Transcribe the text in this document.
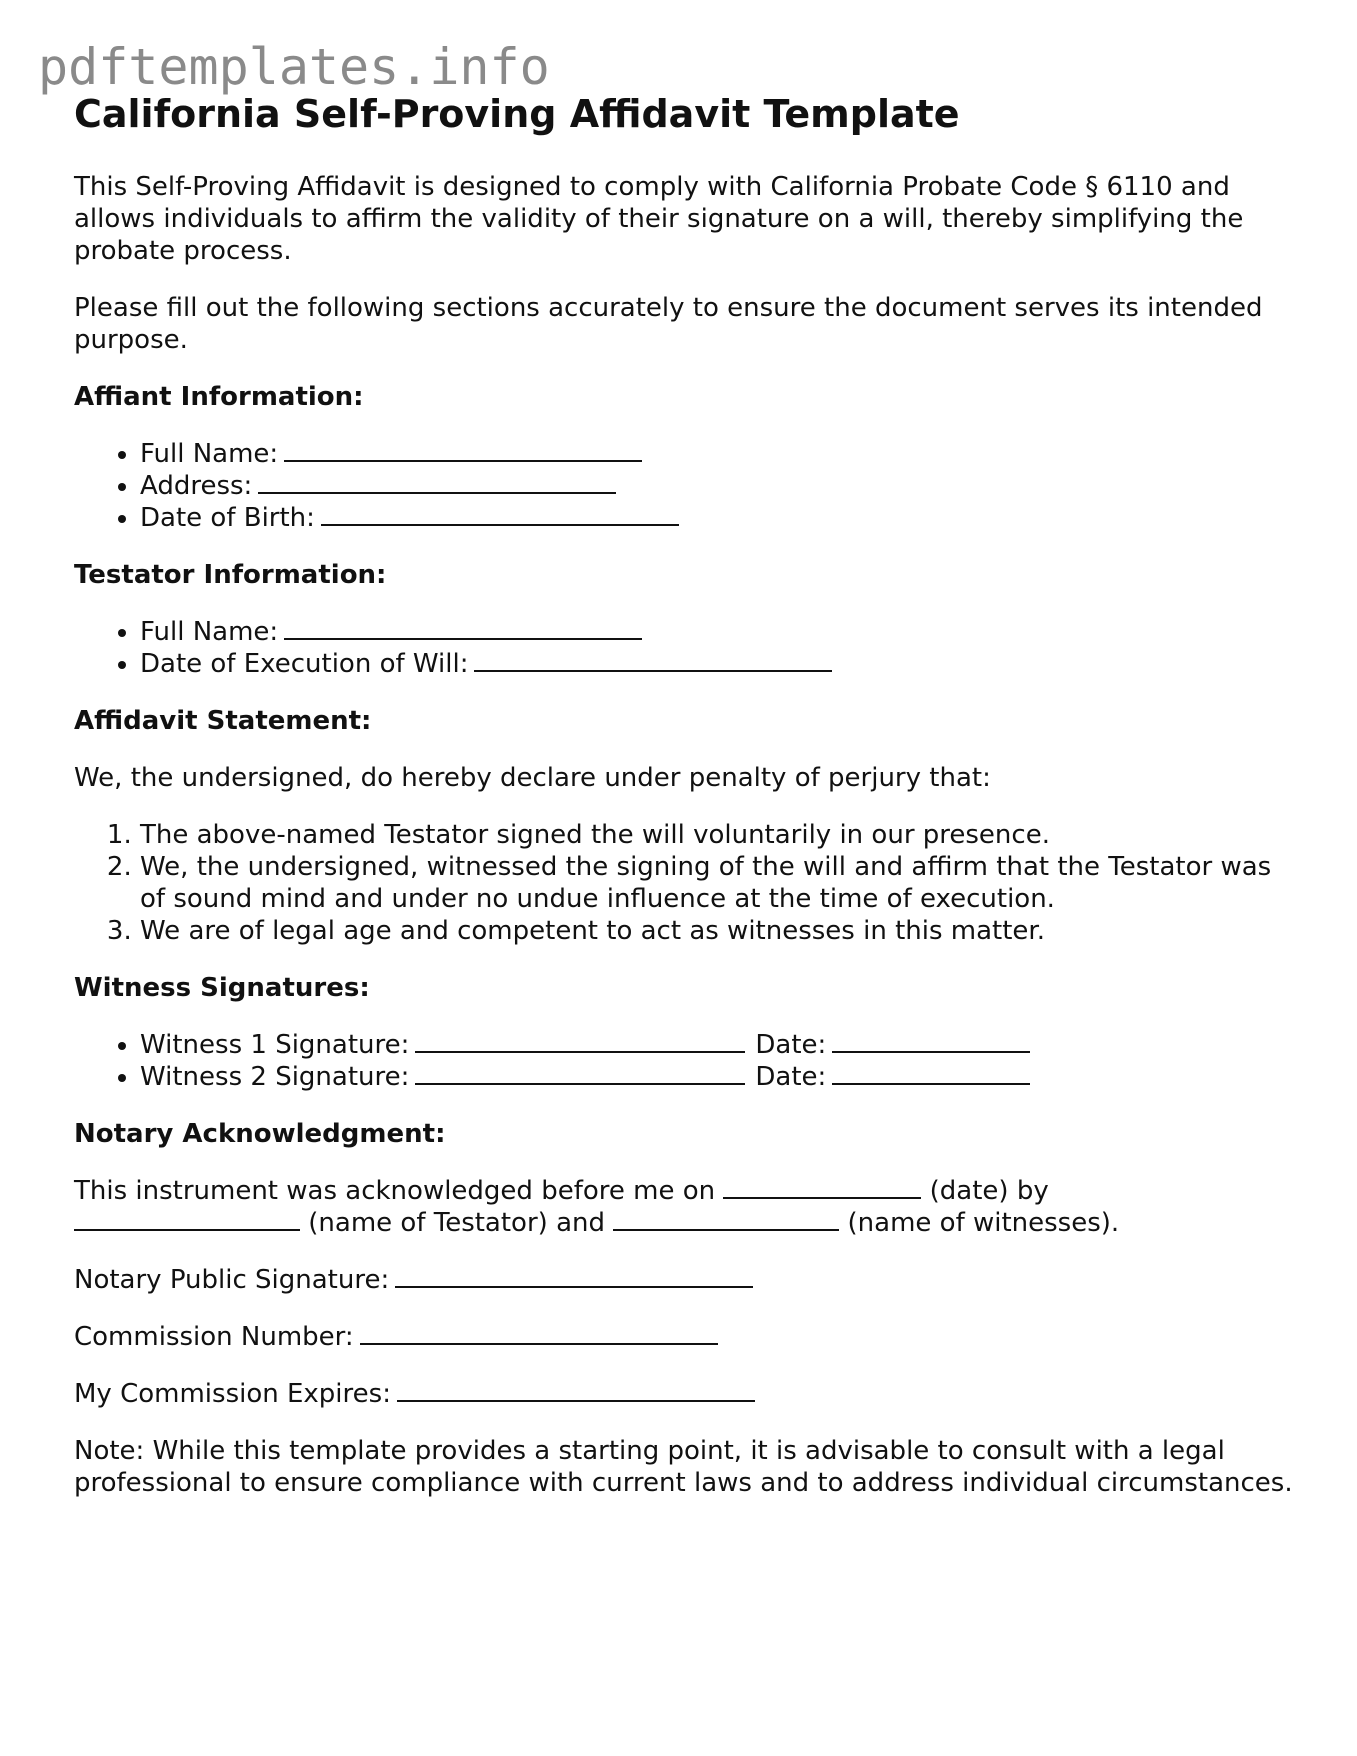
pdftemplates.info
California Self-Proving Affidavit Template

This Self-Proving Affidavit is designed to comply with California Probate Code § 6110 and allows individuals to affirm the validity of their signature on a will, thereby simplifying the probate process.

Please fill out the following sections accurately to ensure the document serves its intended purpose.

Affiant Information:

• Full Name:
• Address:
• Date of Birth:

Testator Information:

• Full Name:
• Date of Execution of Will:

Affidavit Statement:

We, the undersigned, do hereby declare under penalty of perjury that:

1. The above-named Testator signed the will voluntarily in our presence.
2. We, the undersigned, witnessed the signing of the will and affirm that the Testator was of sound mind and under no undue influence at the time of execution.
3. We are of legal age and competent to act as witnesses in this matter.

Witness Signatures:

• Witness 1 Signature:	Date:
• Witness 2 Signature:	Date:

Notary Acknowledgment:

This instrument was acknowledged before me on	(date) by
(name of Testator) and	(name of witnesses).

Notary Public Signature:

Commission Number:

My Commission Expires:

Note: While this template provides a starting point, it is advisable to consult with a legal professional to ensure compliance with current laws and to address individual circumstances.
